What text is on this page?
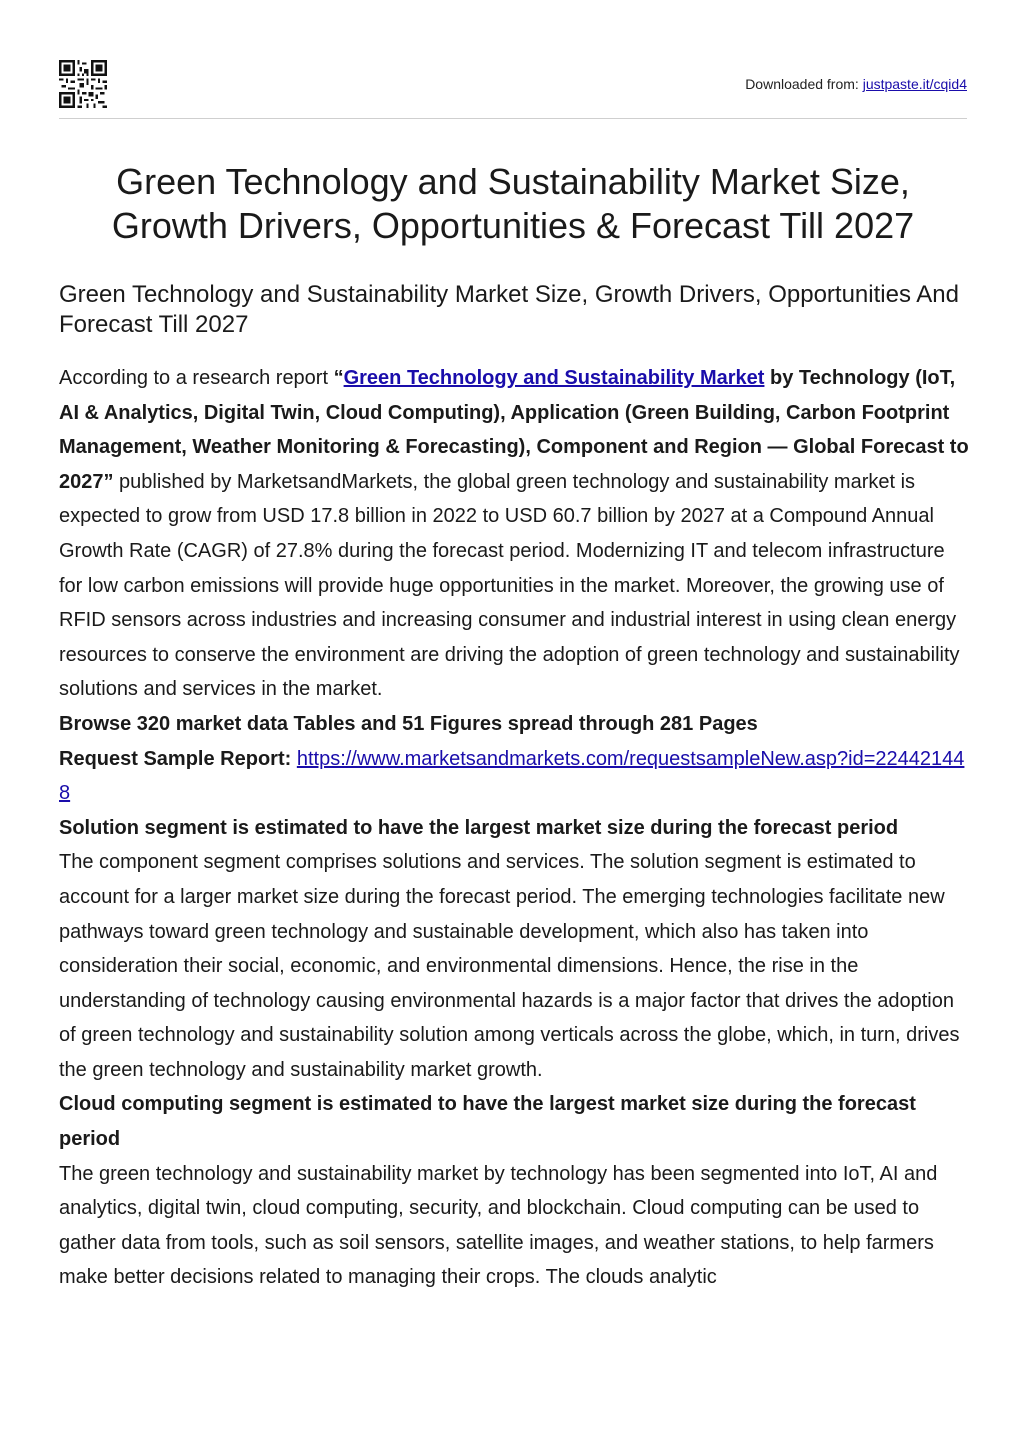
Downloaded from: justpaste.it/cqid4
Green Technology and Sustainability Market Size, Growth Drivers, Opportunities & Forecast Till 2027
Green Technology and Sustainability Market Size, Growth Drivers, Opportunities And Forecast Till 2027

According to a research report “Green Technology and Sustainability Market by Technology (IoT, AI & Analytics, Digital Twin, Cloud Computing), Application (Green Building, Carbon Footprint Management, Weather Monitoring & Forecasting), Component and Region — Global Forecast to 2027” published by MarketsandMarkets, the global green technology and sustainability market is expected to grow from USD 17.8 billion in 2022 to USD 60.7 billion by 2027 at a Compound Annual Growth Rate (CAGR) of 27.8% during the forecast period. Modernizing IT and telecom infrastructure for low carbon emissions will provide huge opportunities in the market. Moreover, the growing use of RFID sensors across industries and increasing consumer and industrial interest in using clean energy resources to conserve the environment are driving the adoption of green technology and sustainability solutions and services in the market.

Browse 320 market data Tables and 51 Figures spread through 281 Pages

Request Sample Report: https://www.marketsandmarkets.com/requestsampleNew.asp?id=224421448

Solution segment is estimated to have the largest market size during the forecast period

The component segment comprises solutions and services. The solution segment is estimated to account for a larger market size during the forecast period. The emerging technologies facilitate new pathways toward green technology and sustainable development, which also has taken into consideration their social, economic, and environmental dimensions. Hence, the rise in the understanding of technology causing environmental hazards is a major factor that drives the adoption of green technology and sustainability solution among verticals across the globe, which, in turn, drives the green technology and sustainability market growth.

Cloud computing segment is estimated to have the largest market size during the forecast period

The green technology and sustainability market by technology has been segmented into IoT, AI and analytics, digital twin, cloud computing, security, and blockchain. Cloud computing can be used to gather data from tools, such as soil sensors, satellite images, and weather stations, to help farmers make better decisions related to managing their crops. The clouds analytic
